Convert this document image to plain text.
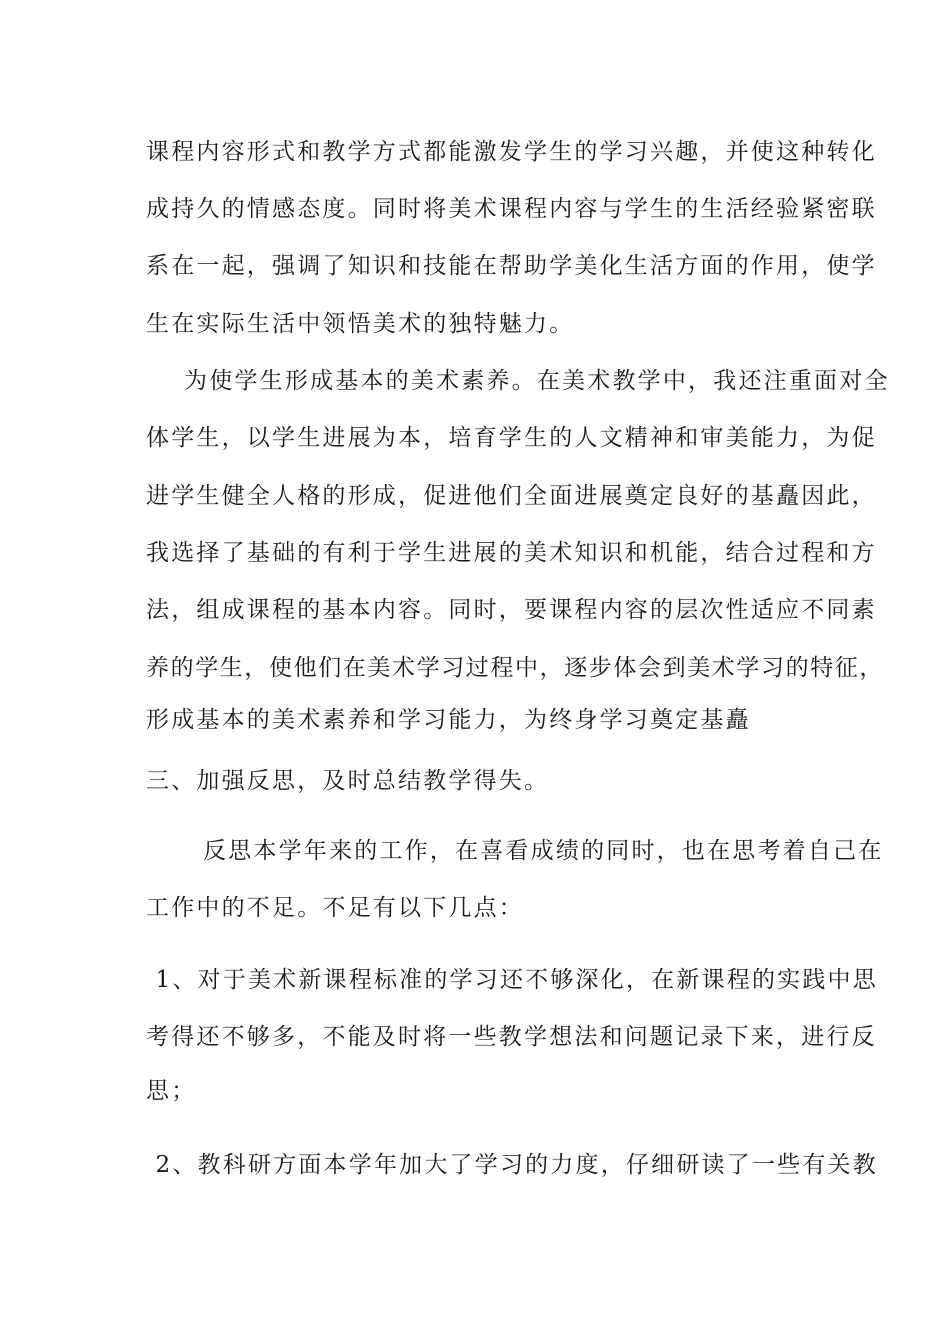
课程内容形式和教学方式都能激发学生的学习兴趣，并使这种转化
成持久的情感态度。同时将美术课程内容与学生的生活经验紧密联
系在一起，强调了知识和技能在帮助学美化生活方面的作用，使学
生在实际生活中领悟美术的独特魅力。
为使学生形成基本的美术素养。在美术教学中，我还注重面对全
体学生，以学生进展为本，培育学生的人文精神和审美能力，为促
进学生健全人格的形成，促进他们全面进展奠定良好的基矗因此，
我选择了基础的有利于学生进展的美术知识和机能，结合过程和方
法，组成课程的基本内容。同时，要课程内容的层次性适应不同素
养的学生，使他们在美术学习过程中，逐步体会到美术学习的特征，
形成基本的美术素养和学习能力，为终身学习奠定基矗
三、加强反思，及时总结教学得失。
反思本学年来的工作，在喜看成绩的同时，也在思考着自己在
工作中的不足。不足有以下几点：
1、对于美术新课程标准的学习还不够深化，在新课程的实践中思
考得还不够多，不能及时将一些教学想法和问题记录下来，进行反
思；
2、教科研方面本学年加大了学习的力度，仔细研读了一些有关教
